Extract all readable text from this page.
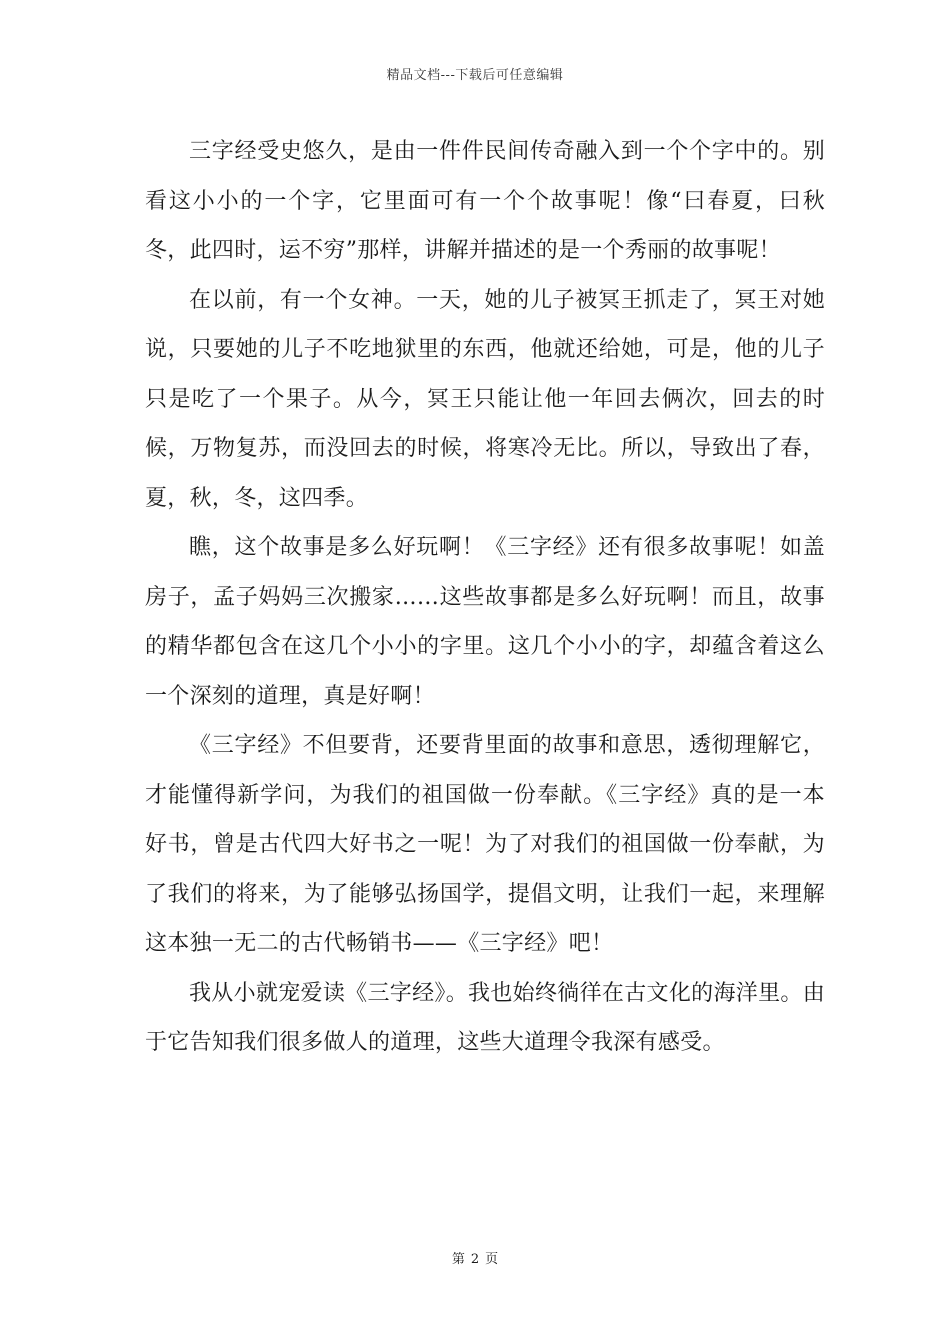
精品文档---下载后可任意编辑

三字经受史悠久，是由一件件民间传奇融入到一个个字中的。别看这小小的一个字，它里面可有一个个故事呢！像“曰春夏，曰秋冬，此四时，运不穷”那样，讲解并描述的是一个秀丽的故事呢！

在以前，有一个女神。一天，她的儿子被冥王抓走了，冥王对她说，只要她的儿子不吃地狱里的东西，他就还给她，可是，他的儿子只是吃了一个果子。从今，冥王只能让他一年回去俩次，回去的时候，万物复苏，而没回去的时候，将寒冷无比。所以，导致出了春，夏，秋，冬，这四季。

瞧，这个故事是多么好玩啊！《三字经》还有很多故事呢！如盖房子，孟子妈妈三次搬家……这些故事都是多么好玩啊！而且，故事的精华都包含在这几个小小的字里。这几个小小的字，却蕴含着这么一个深刻的道理，真是好啊！

《三字经》不但要背，还要背里面的故事和意思，透彻理解它，才能懂得新学问，为我们的祖国做一份奉献。《三字经》真的是一本好书，曾是古代四大好书之一呢！为了对我们的祖国做一份奉献，为了我们的将来，为了能够弘扬国学，提倡文明，让我们一起，来理解这本独一无二的古代畅销书——《三字经》吧！

我从小就宠爱读《三字经》。我也始终徜徉在古文化的海洋里。由于它告知我们很多做人的道理，这些大道理令我深有感受。

第 2 页
